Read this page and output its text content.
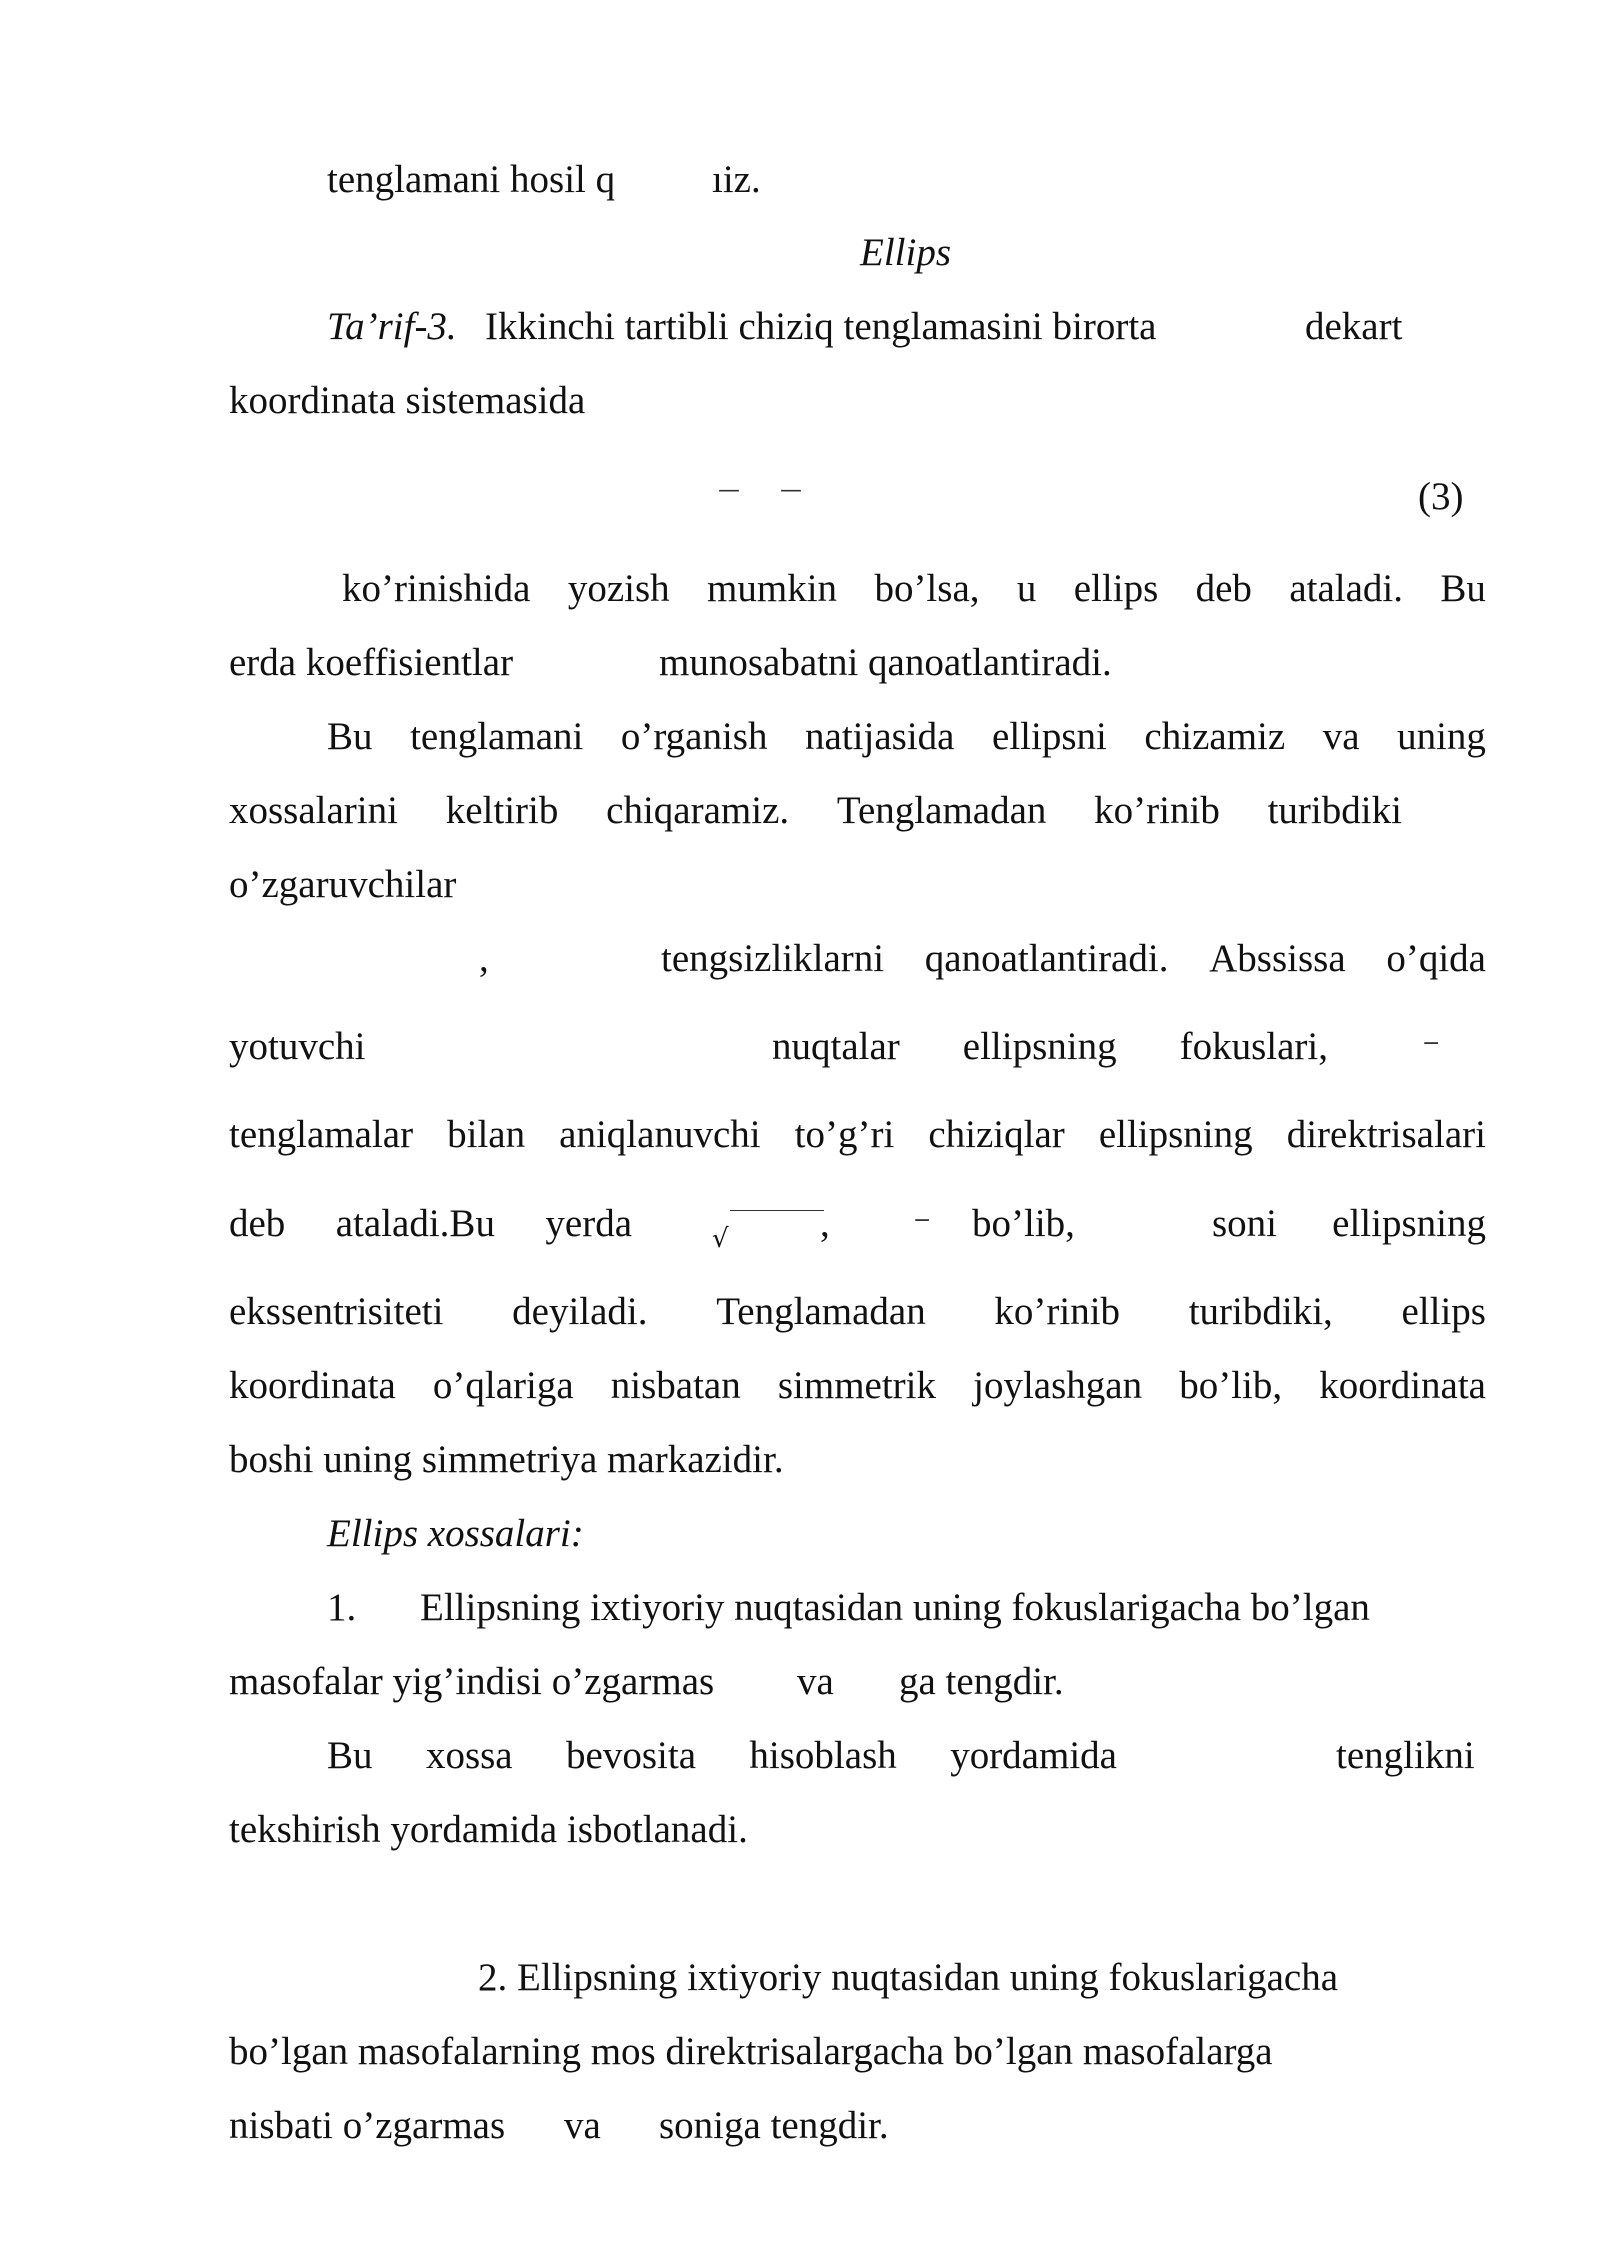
tenglamani hosil q ıiz.
Ellips
Ta’rif-3. Ikkinchi tartibli chiziq tenglamasini birorta	dekart
koordinata sistemasida
— —	(3)
ko’rinishida yozish mumkin bo’lsa, u ellips deb ataladi. Bu
erda koeffisientlar	munosabatni qanoatlantiradi.
Bu tenglamani o’rganish natijasida ellipsni chizamiz va uning
xossalarini keltirib chiqaramiz. Tenglamadan ko’rinib turibdiki
o’zgaruvchilar
,	tengsizliklarni qanoatlantiradi. Abssissa o’qida
yotuvchi	nuqtalar ellipsning fokuslari,	−
tenglamalar bilan aniqlanuvchi to’g’ri chiziqlar ellipsning direktrisalari
deb ataladi.Bu yerda	√ ,	− bo’lib,	soni ellipsning
ekssentrisiteti deyiladi. Tenglamadan ko’rinib turibdiki, ellips
koordinata o’qlariga nisbatan simmetrik joylashgan bo’lib, koordinata
boshi uning simmetriya markazidir.
Ellips xossalari:
1. Ellipsning ixtiyoriy nuqtasidan uning fokuslarigacha bo’lgan
masofalar yig’indisi o’zgarmas va ga tengdir.
Bu xossa bevosita hisoblash yordamida	tenglikni
tekshirish yordamida isbotlanadi.
2. Ellipsning ixtiyoriy nuqtasidan uning fokuslarigacha
bo’lgan masofalarning mos direktrisalargacha bo’lgan masofalarga
nisbati o’zgarmas va soniga tengdir.
